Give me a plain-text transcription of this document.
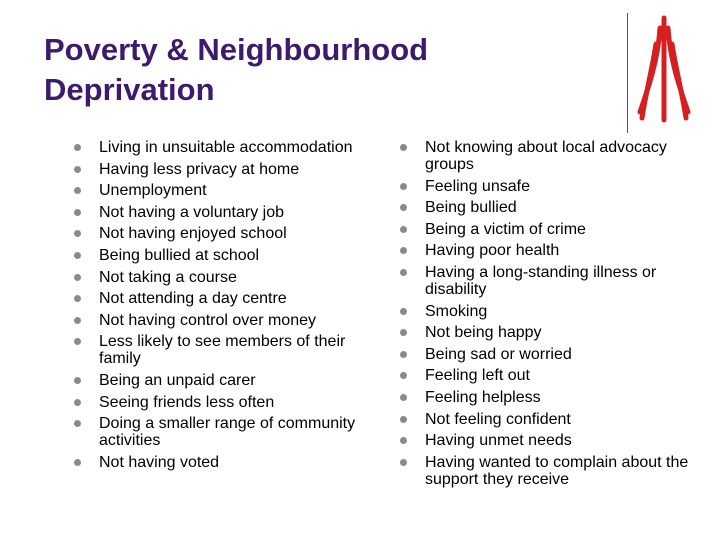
Poverty & Neighbourhood Deprivation
Living in unsuitable accommodation
Having less privacy at home
Unemployment
Not having a voluntary job
Not having enjoyed school
Being bullied at school
Not taking a course
Not attending a day centre
Not having control over money
Less likely to see members of their family
Being an unpaid carer
Seeing friends less often
Doing a smaller range of community activities
Not having voted
Not knowing about local advocacy groups
Feeling unsafe
Being bullied
Being a victim of crime
Having poor health
Having a long-standing illness or disability
Smoking
Not being happy
Being sad or worried
Feeling left out
Feeling helpless
Not feeling confident
Having unmet needs
Having wanted to complain about the support they receive
